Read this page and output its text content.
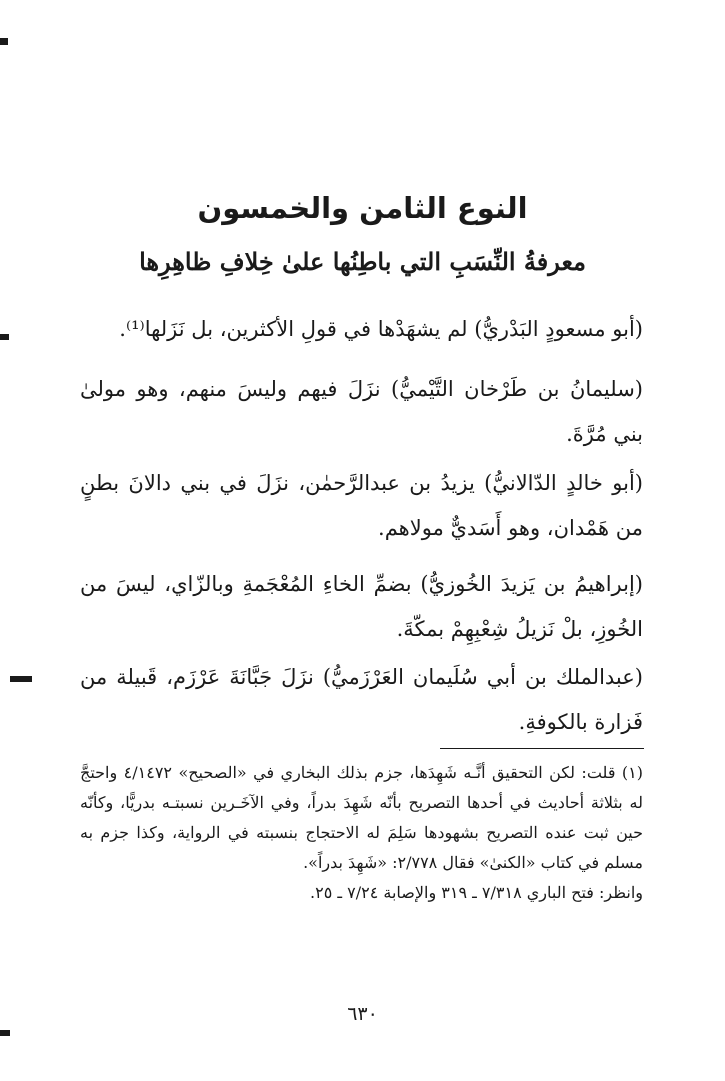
النوع الثامن والخمسون
معرفةُ النِّسَبِ التي باطِنُها علىٰ خِلافِ ظاهِرِها
(أبو مسعودٍ البَدْريُّ) لم يشهَدْها في قولِ الأكثرين، بل نَزَلها⁽¹⁾.
(سليمانُ بن طَرْخان التَّيْميُّ) نزَلَ فيهم وليسَ منهم، وهو مولىٰ بني مُرَّةَ.
(أبو خالدٍ الدّالانيُّ) يزيدُ بن عبدالرَّحمٰن، نزَلَ في بني دالانَ بطنٍ من هَمْدان، وهو أَسَديٌّ مولاهم.
(إبراهيمُ بن يَزيدَ الخُوزيُّ) بضمِّ الخاءِ المُعْجَمةِ وبالزّاي، ليسَ من الخُوزِ، بلْ نَزيلُ شِعْبِهِمْ بمكّةَ.
(عبدالملك بن أبي سُلَيمان العَرْزَميُّ) نزَلَ جَبَّانَةَ عَرْزَم، قَبيلة من فَزارة بالكوفةِ.

(١) قلت: لكن التحقيق أنَّـه شَهِدَها، جزم بذلك البخاري في «الصحيح» ٤/١٤٧٢ واحتجَّ له بثلاثة أحاديث في أحدها التصريح بأنّه شَهِدَ بدراً، وفي الآخَـرين نسبتـه بدريًّا، وكأنّه حين ثبت عنده التصريح بشهودها سَلِمَ له الاحتجاج بنسبته في الرواية، وكذا جزم به مسلم في كتاب «الكنىٰ» فقال ٢/٧٧٨: «شَهِدَ بدراً».

وانظر: فتح الباري ٧/٣١٨ ـ ٣١٩ والإصابة ٧/٢٤ ـ ٢٥.

٦٣٠
